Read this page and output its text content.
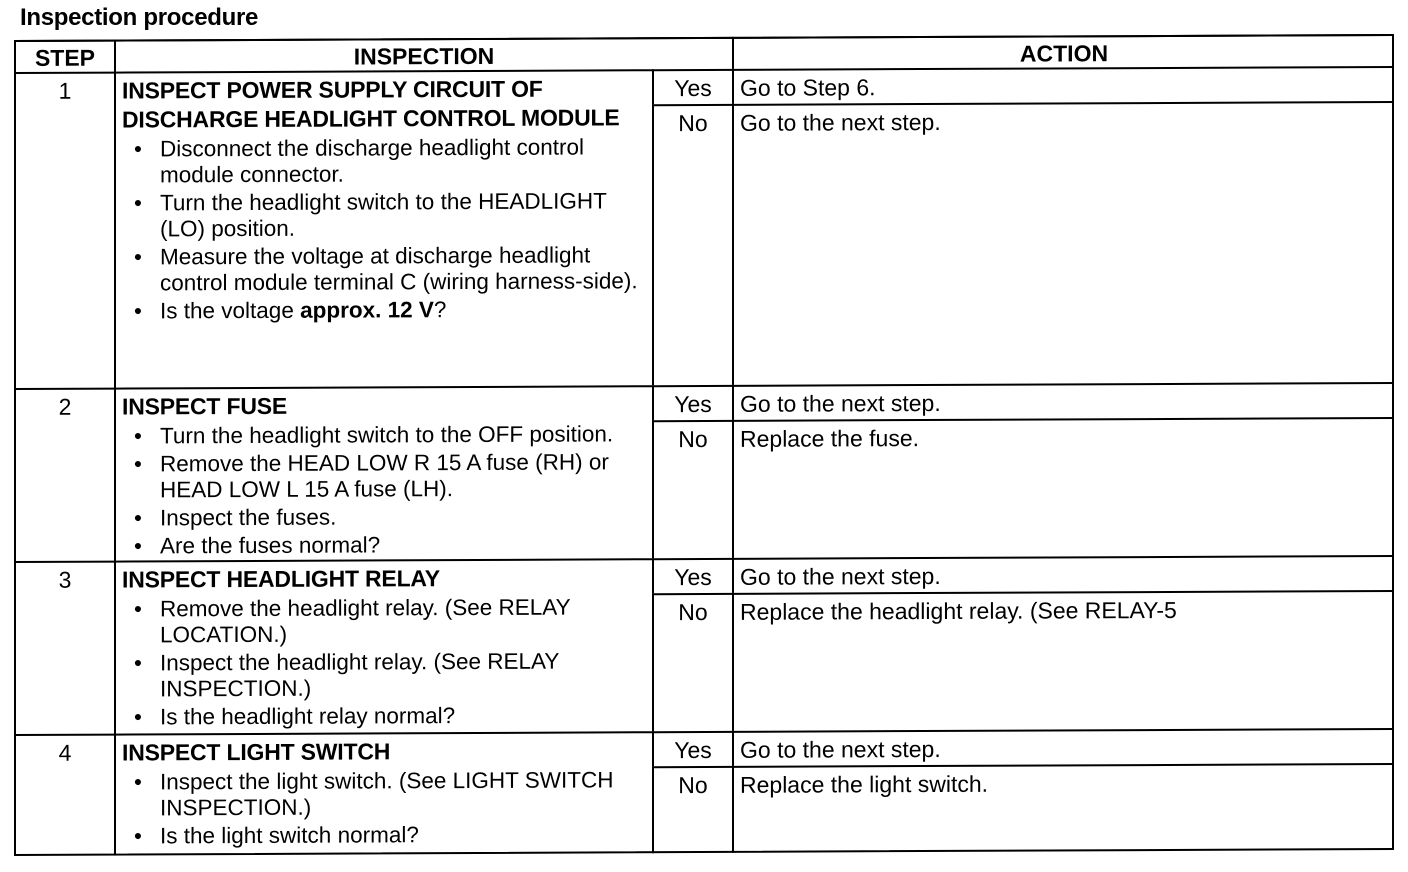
Inspection procedure
STEP	INSPECTION	ACTION
1	INSPECT POWER SUPPLY CIRCUIT OF DISCHARGE HEADLIGHT CONTROL MODULE
• Disconnect the discharge headlight control module connector.
• Turn the headlight switch to the HEADLIGHT (LO) position.
• Measure the voltage at discharge headlight control module terminal C (wiring harness-side).
• Is the voltage approx. 12 V?
Yes	Go to Step 6.
No	Go to the next step.
2	INSPECT FUSE
• Turn the headlight switch to the OFF position.
• Remove the HEAD LOW R 15 A fuse (RH) or HEAD LOW L 15 A fuse (LH).
• Inspect the fuses.
• Are the fuses normal?
Yes	Go to the next step.
No	Replace the fuse.
3	INSPECT HEADLIGHT RELAY
• Remove the headlight relay. (See RELAY LOCATION.)
• Inspect the headlight relay. (See RELAY INSPECTION.)
• Is the headlight relay normal?
Yes	Go to the next step.
No	Replace the headlight relay. (See RELAY-5
4	INSPECT LIGHT SWITCH
• Inspect the light switch. (See LIGHT SWITCH INSPECTION.)
• Is the light switch normal?
Yes	Go to the next step.
No	Replace the light switch.
